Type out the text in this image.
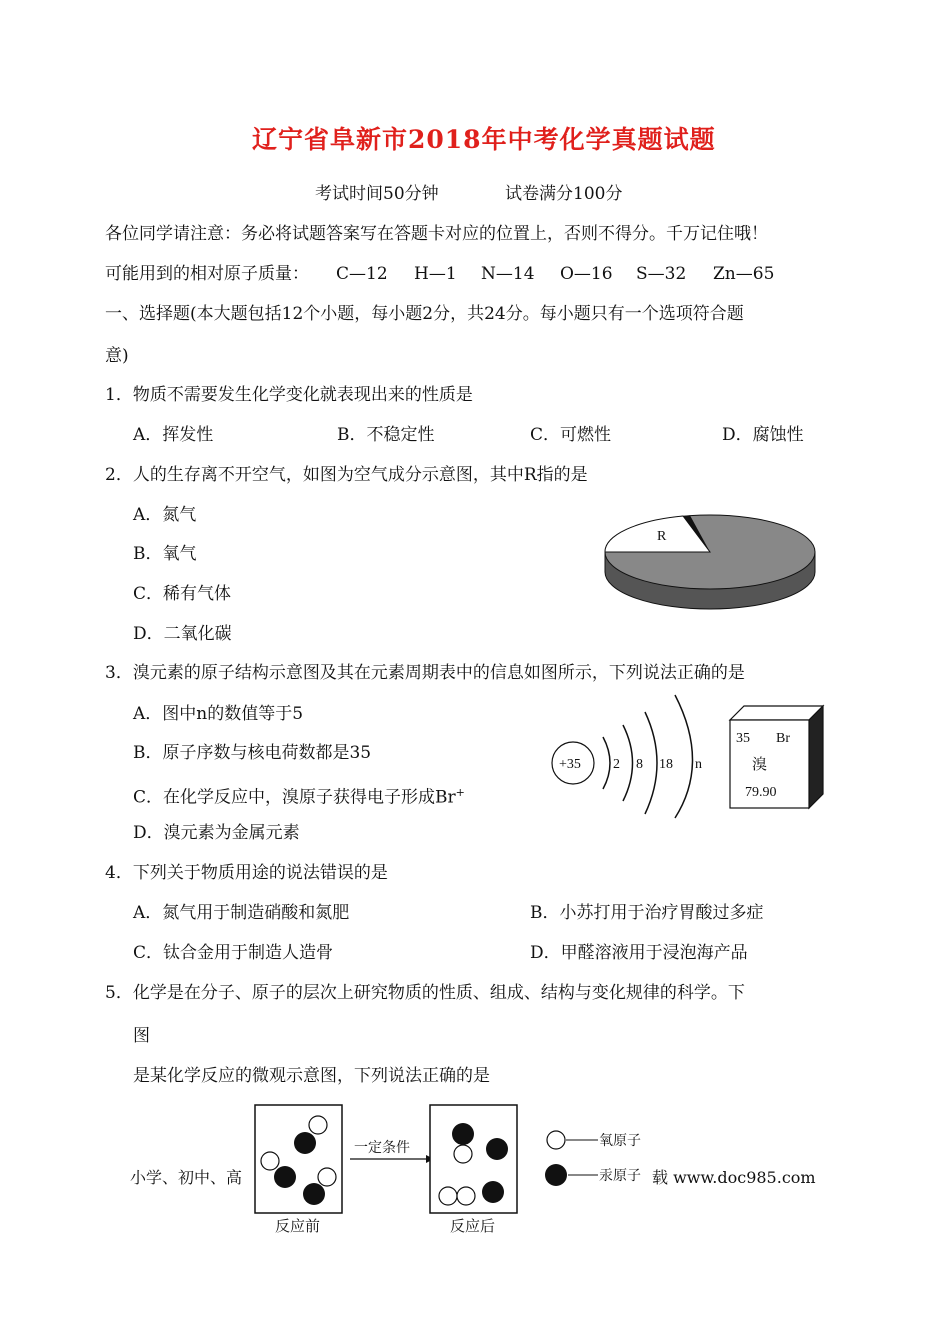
辽宁省阜新市2018年中考化学真题试题
考试时间50分钟	试卷满分100分
各位同学请注意：务必将试题答案写在答题卡对应的位置上，否则不得分。千万记住哦！
可能用到的相对原子质量： C—12 H—1 N—14 O—16 S—32 Zn—65
一、选择题(本大题包括12个小题，每小题2分，共24分。每小题只有一个选项符合题
意)
1．物质不需要发生化学变化就表现出来的性质是
A．挥发性	B．不稳定性	C．可燃性	D．腐蚀性
2．人的生存离不开空气，如图为空气成分示意图，其中R指的是
A．氮气
B．氧气
C．稀有气体
D．二氧化碳
R
3．溴元素的原子结构示意图及其在元素周期表中的信息如图所示，下列说法正确的是
A．图中n的数值等于5
B．原子序数与核电荷数都是35
C．在化学反应中，溴原子获得电子形成Br+
D．溴元素为金属元素
+35 2 8 18 n
35 Br
溴
79.90
4．下列关于物质用途的说法错误的是
A．氮气用于制造硝酸和氮肥	B．小苏打用于治疗胃酸过多症
C．钛合金用于制造人造骨	D．甲醛溶液用于浸泡海产品
5．化学是在分子、原子的层次上研究物质的性质、组成、结构与变化规律的科学。下
图
是某化学反应的微观示意图，下列说法正确的是
小学、初中、高
反应前
一定条件
反应后
氧原子
汞原子 载 www.doc985.com
